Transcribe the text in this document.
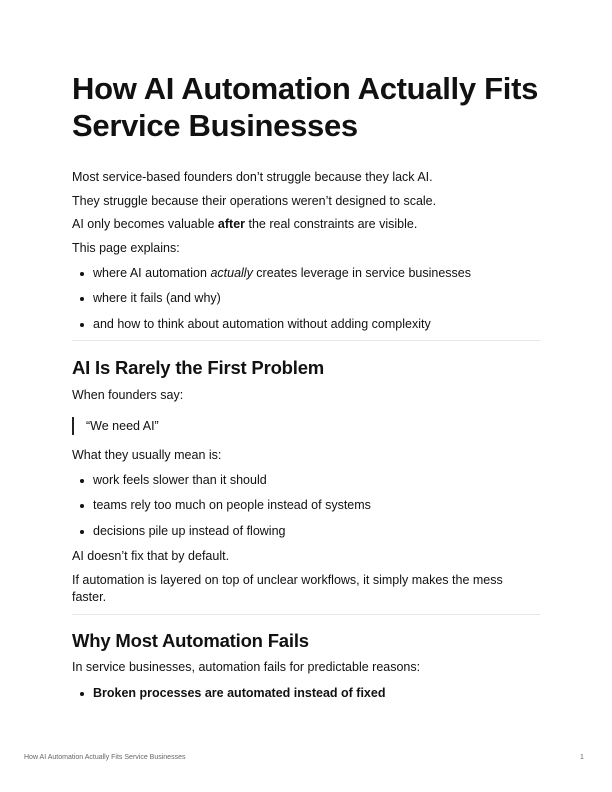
How AI Automation Actually Fits Service Businesses
Most service-based founders don’t struggle because they lack AI.
They struggle because their operations weren’t designed to scale.
AI only becomes valuable after the real constraints are visible.
This page explains:
where AI automation actually creates leverage in service businesses
where it fails (and why)
and how to think about automation without adding complexity
AI Is Rarely the First Problem
When founders say:
“We need AI”
What they usually mean is:
work feels slower than it should
teams rely too much on people instead of systems
decisions pile up instead of flowing
AI doesn’t fix that by default.
If automation is layered on top of unclear workflows, it simply makes the mess faster.
Why Most Automation Fails
In service businesses, automation fails for predictable reasons:
Broken processes are automated instead of fixed
How AI Automation Actually Fits Service Businesses	1
